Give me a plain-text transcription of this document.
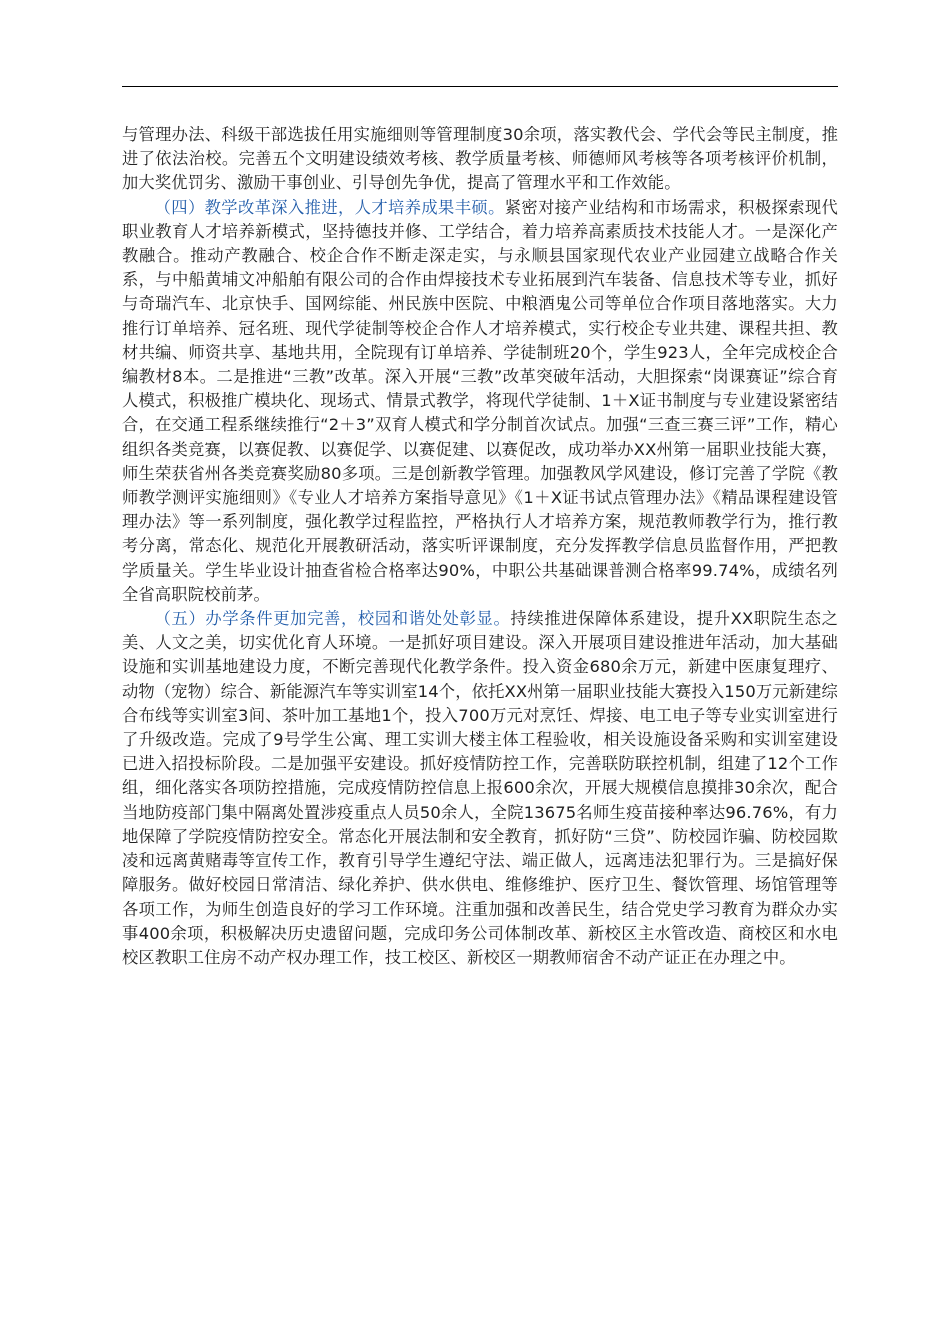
与管理办法、科级干部选拔任用实施细则等管理制度30余项，落实教代会、学代会等民主制度，推进了依法治校。完善五个文明建设绩效考核、教学质量考核、师德师风考核等各项考核评价机制，加大奖优罚劣、激励干事创业、引导创先争优，提高了管理水平和工作效能。

（四）教学改革深入推进，人才培养成果丰硕。紧密对接产业结构和市场需求，积极探索现代职业教育人才培养新模式，坚持德技并修、工学结合，着力培养高素质技术技能人才。一是深化产教融合。推动产教融合、校企合作不断走深走实，与永顺县国家现代农业产业园建立战略合作关系，与中船黄埔文冲船舶有限公司的合作由焊接技术专业拓展到汽车装备、信息技术等专业，抓好与奇瑞汽车、北京快手、国网综能、州民族中医院、中粮酒鬼公司等单位合作项目落地落实。大力推行订单培养、冠名班、现代学徒制等校企合作人才培养模式，实行校企专业共建、课程共担、教材共编、师资共享、基地共用，全院现有订单培养、学徒制班20个，学生923人，全年完成校企合编教材8本。二是推进“三教”改革。深入开展“三教”改革突破年活动，大胆探索“岗课赛证”综合育人模式，积极推广模块化、现场式、情景式教学，将现代学徒制、1＋X证书制度与专业建设紧密结合，在交通工程系继续推行“2＋3”双育人模式和学分制首次试点。加强“三查三赛三评”工作，精心组织各类竞赛，以赛促教、以赛促学、以赛促建、以赛促改，成功举办XX州第一届职业技能大赛，师生荣获省州各类竞赛奖励80多项。三是创新教学管理。加强教风学风建设，修订完善了学院《教师教学测评实施细则》《专业人才培养方案指导意见》《1＋X证书试点管理办法》《精品课程建设管理办法》等一系列制度，强化教学过程监控，严格执行人才培养方案，规范教师教学行为，推行教考分离，常态化、规范化开展教研活动，落实听评课制度，充分发挥教学信息员监督作用，严把教学质量关。学生毕业设计抽查省检合格率达90%，中职公共基础课普测合格率99.74%，成绩名列全省高职院校前茅。

（五）办学条件更加完善，校园和谐处处彰显。持续推进保障体系建设，提升XX职院生态之美、人文之美，切实优化育人环境。一是抓好项目建设。深入开展项目建设推进年活动，加大基础设施和实训基地建设力度，不断完善现代化教学条件。投入资金680余万元，新建中医康复理疗、动物（宠物）综合、新能源汽车等实训室14个，依托XX州第一届职业技能大赛投入150万元新建综合布线等实训室3间、茶叶加工基地1个，投入700万元对烹饪、焊接、电工电子等专业实训室进行了升级改造。完成了9号学生公寓、理工实训大楼主体工程验收，相关设施设备采购和实训室建设已进入招投标阶段。二是加强平安建设。抓好疫情防控工作，完善联防联控机制，组建了12个工作组，细化落实各项防控措施，完成疫情防控信息上报600余次，开展大规模信息摸排30余次，配合当地防疫部门集中隔离处置涉疫重点人员50余人，全院13675名师生疫苗接种率达96.76%，有力地保障了学院疫情防控安全。常态化开展法制和安全教育，抓好防“三贷”、防校园诈骗、防校园欺凌和远离黄赌毒等宣传工作，教育引导学生遵纪守法、端正做人，远离违法犯罪行为。三是搞好保障服务。做好校园日常清洁、绿化养护、供水供电、维修维护、医疗卫生、餐饮管理、场馆管理等各项工作，为师生创造良好的学习工作环境。注重加强和改善民生，结合党史学习教育为群众办实事400余项，积极解决历史遗留问题，完成印务公司体制改革、新校区主水管改造、商校区和水电校区教职工住房不动产权办理工作，技工校区、新校区一期教师宿舍不动产证正在办理之中。
